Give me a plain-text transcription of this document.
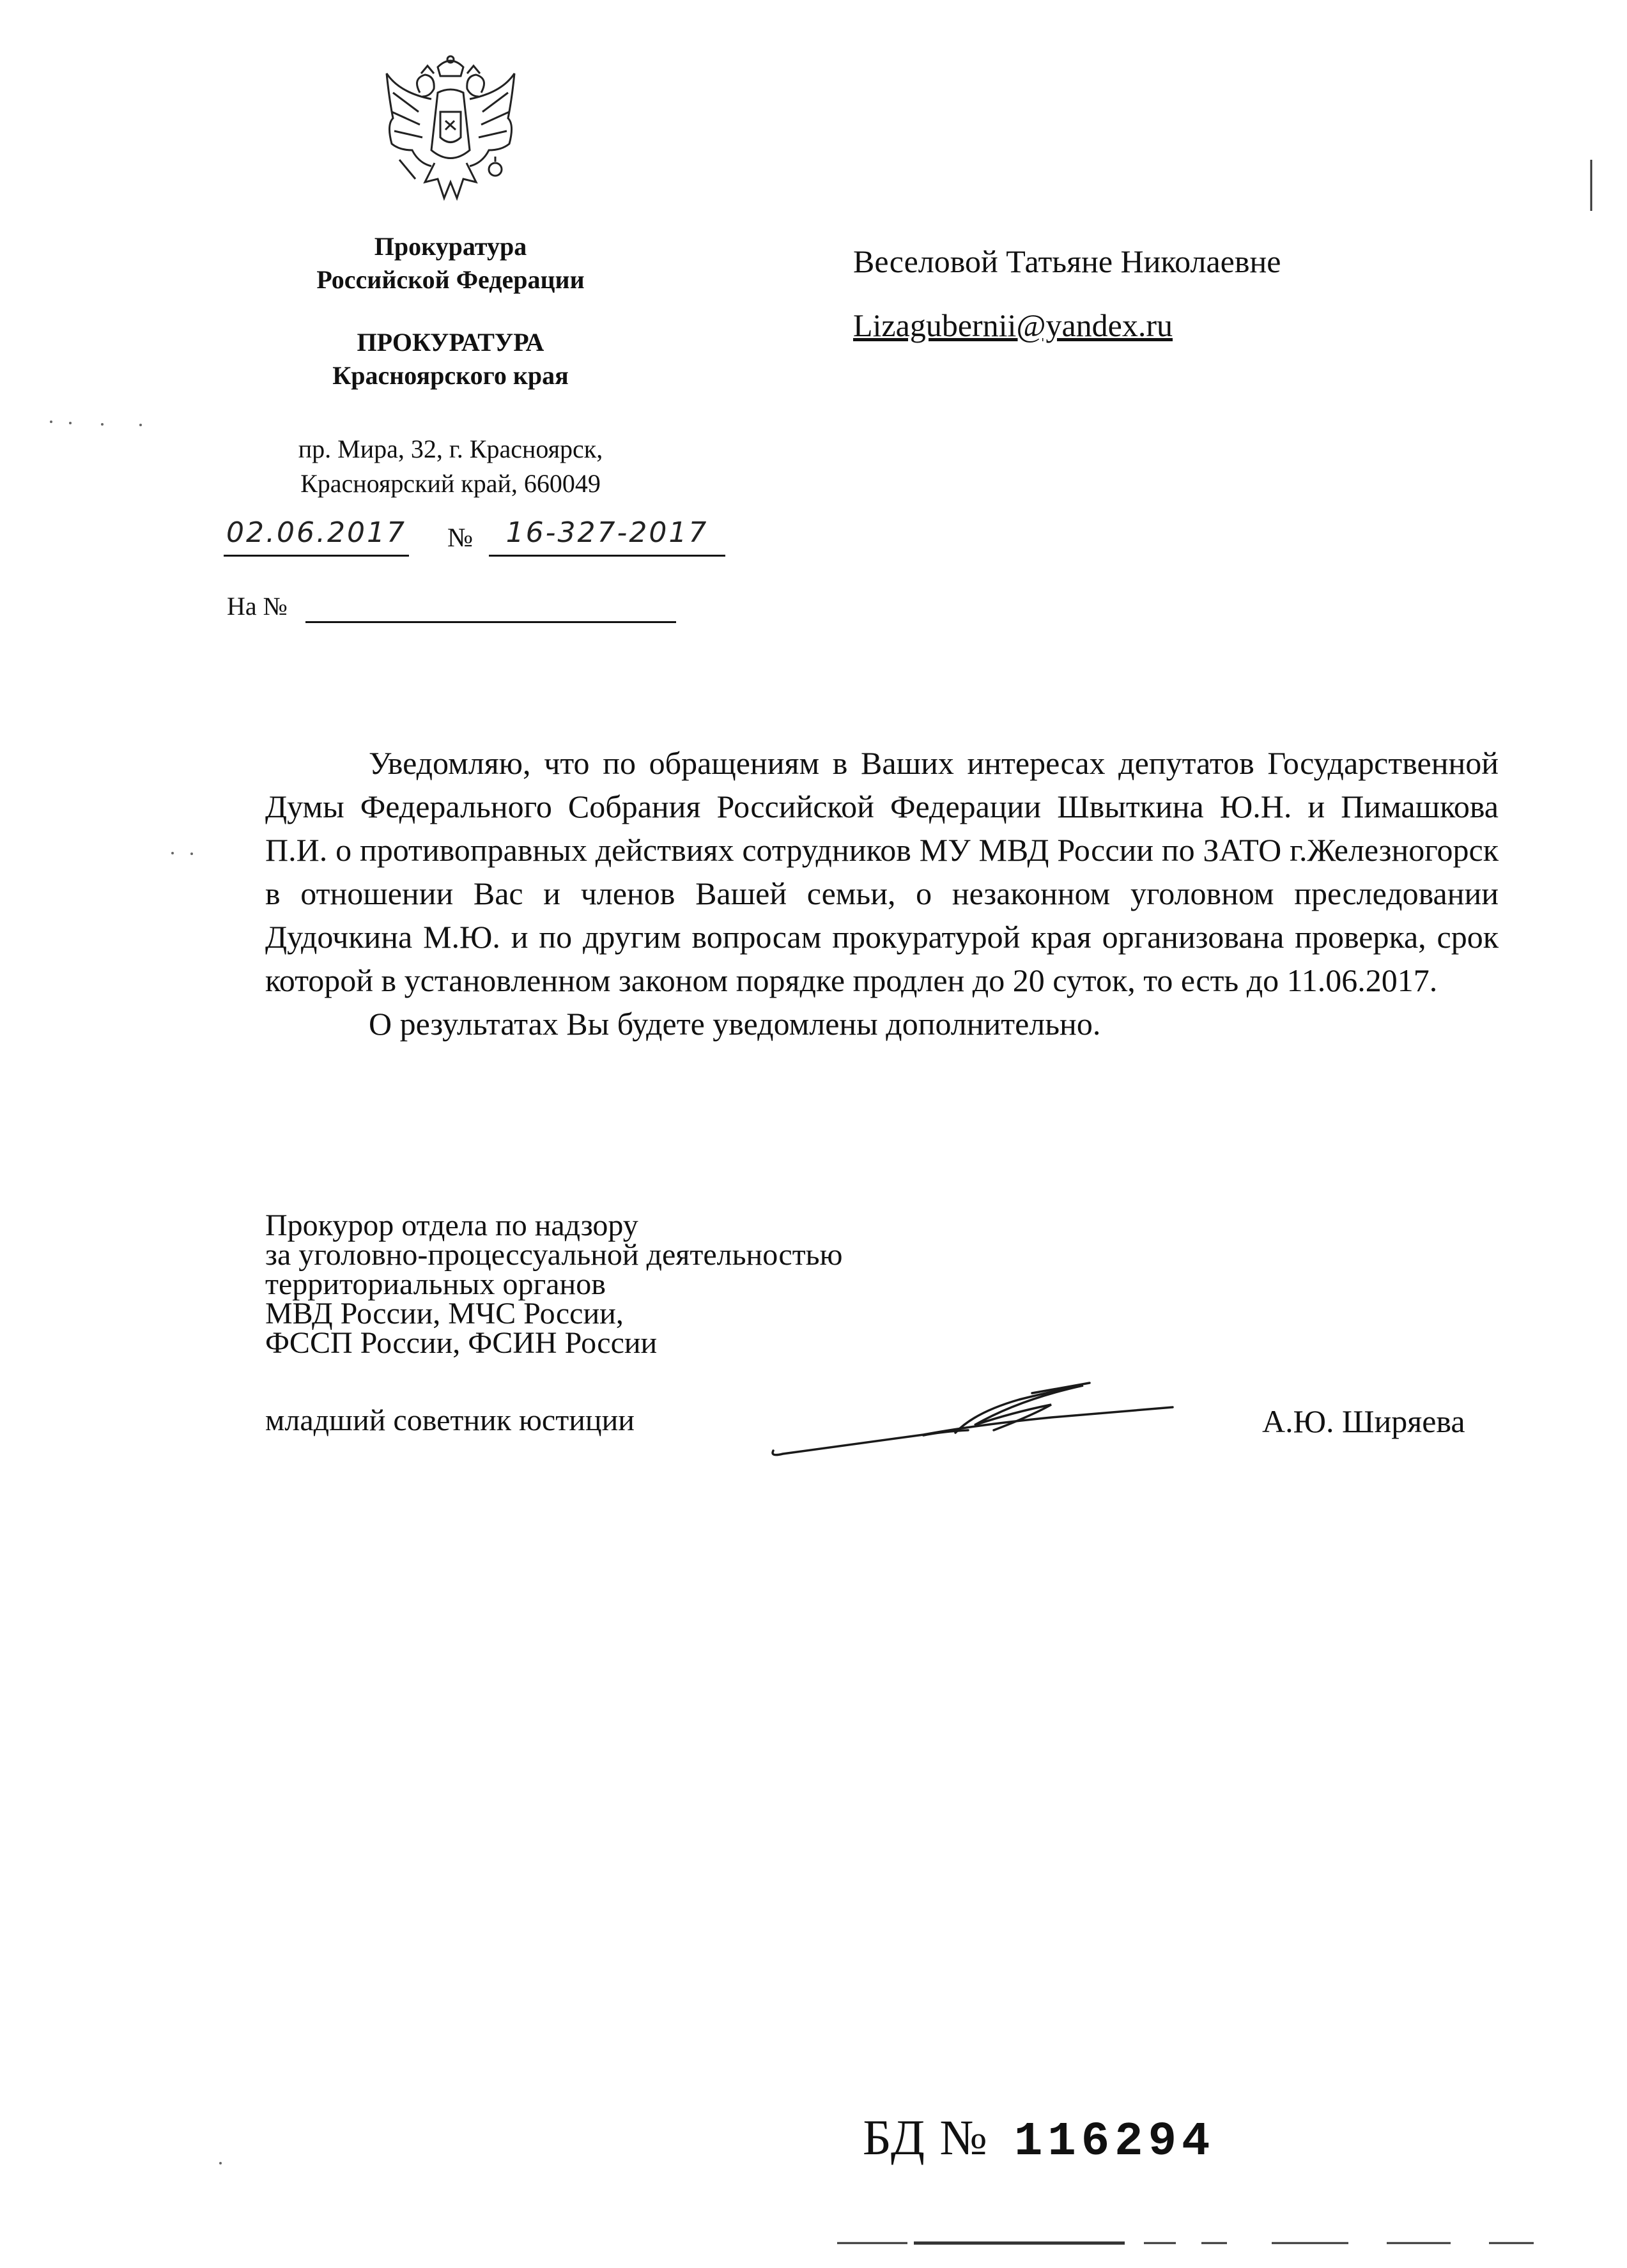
Прокуратура
Российской Федерации
ПРОКУРАТУРА
Красноярского края
пр. Мира, 32, г. Красноярск,
Красноярский край, 660049
02.06.2017 №	16-327-2017
На №
Веселовой Татьяне Николаевне
Lizagubernii@yandex.ru

Уведомляю, что по обращениям в Ваших интересах депутатов Государственной Думы Федерального Собрания Российской Федерации Швыткина Ю.Н. и Пимашкова П.И. о противоправных действиях сотрудников МУ МВД России по ЗАТО г.Железногорск в отношении Вас и членов Вашей семьи, о незаконном уголовном преследовании Дудочкина М.Ю. и по другим вопросам прокуратурой края организована проверка, срок которой в установленном законом порядке продлен до 20 суток, то есть до 11.06.2017.

О результатах Вы будете уведомлены дополнительно.

Прокурор отдела по надзору
за уголовно-процессуальной деятельностью
территориальных органов
МВД России, МЧС России,
ФССП России, ФСИН России
младший советник юстиции	А.Ю. Ширяева
БД № 116294
